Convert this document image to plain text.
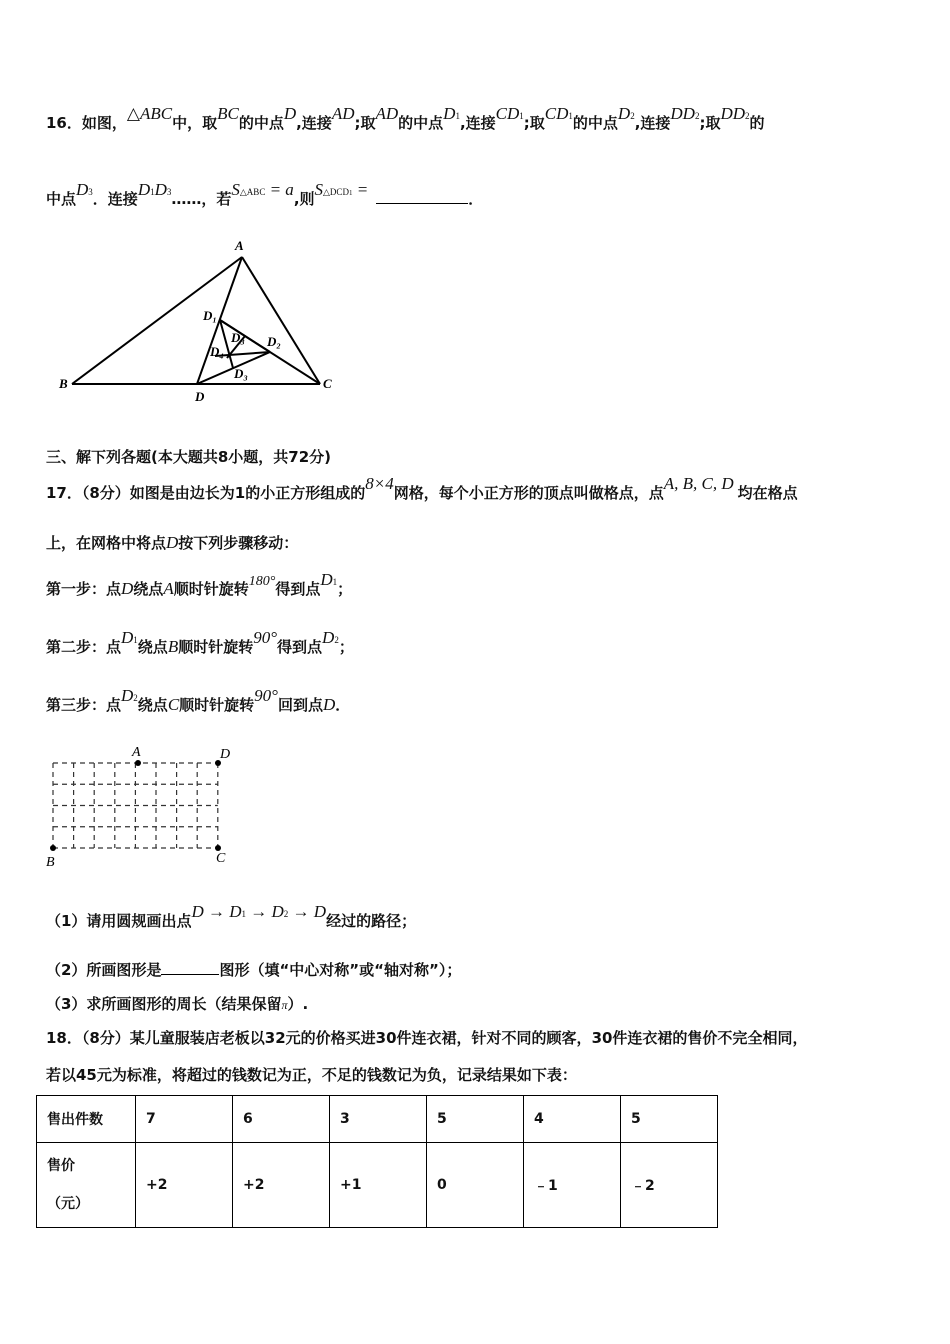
16．如图，△ABC中，取BC的中点D,连接AD;取AD的中点D1,连接CD1;取CD1的中点D2,连接DD2;取DD2的
中点D3．连接D1D3……，若S△ABC = a,则S△DCD1 =	．
A
B	C
D
D₁
D₂
D₃
D₄
D₃
三、解下列各题(本大题共8小题，共72分)
17．（8分）如图是由边长为1的小正方形组成的8×4网格，每个小正方形的顶点叫做格点，点A, B, C, D 均在格点
上，在网格中将点D按下列步骤移动：
第一步：点D绕点A顺时针旋转180°得到点D1；
第二步：点D1绕点B顺时针旋转90°得到点D2；
第三步：点D2绕点C顺时针旋转90°回到点D．
A	D
B	C
（1）请用圆规画出点D → D1 → D2 → D经过的路径；
（2）所画图形是	图形（填“中心对称”或“轴对称”）；
（3）求所画图形的周长（结果保留π）.
18．（8分）某儿童服装店老板以32元的价格买进30件连衣裙，针对不同的顾客，30件连衣裙的售价不完全相同，
若以45元为标准，将超过的钱数记为正，不足的钱数记为负，记录结果如下表：
售出件数	7	6	3	5	4	5
售价
（元）	+2	+2	+1	0	﹣1	﹣2
